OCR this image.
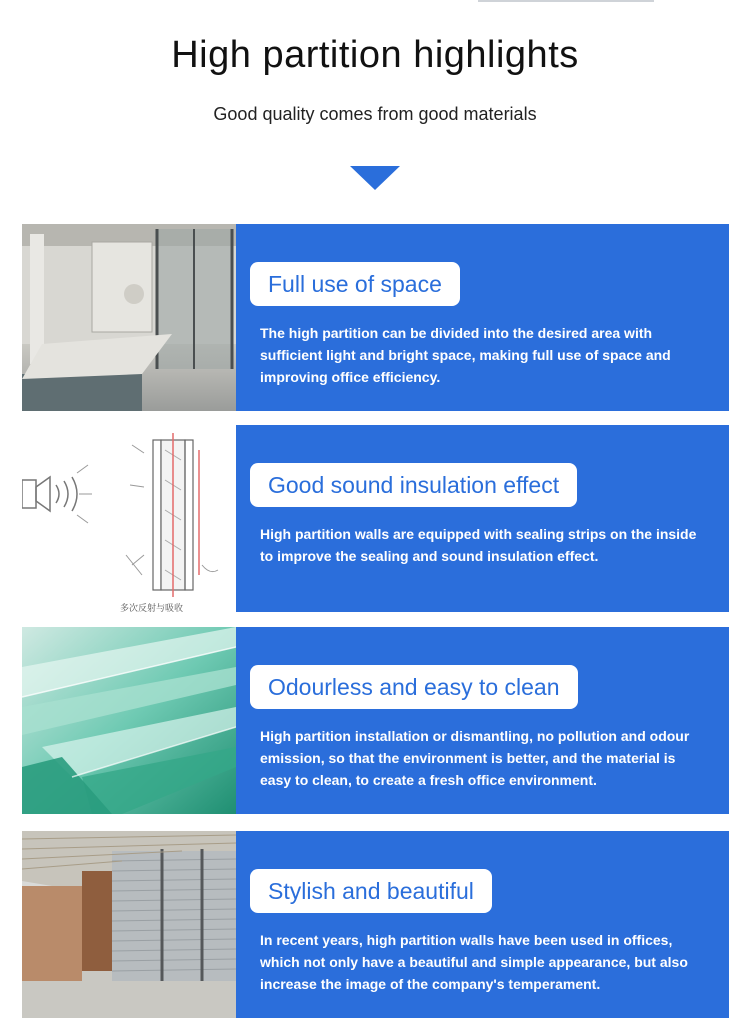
High partition highlights
Good quality comes from good materials
Full use of space
The high partition can be divided into the desired area with sufficient light and bright space, making full use of space and improving office efficiency.
多次反射与吸收
Good sound insulation effect
High partition walls are equipped with sealing strips on the inside to improve the sealing and sound insulation effect.
Odourless and easy to clean
High partition installation or dismantling, no pollution and odour emission, so that the environment is better, and the material is easy to clean, to create a fresh office environment.
Stylish and beautiful
In recent years, high partition walls have been used in offices, which not only have a beautiful and simple appearance, but also increase the image of the company's temperament.
